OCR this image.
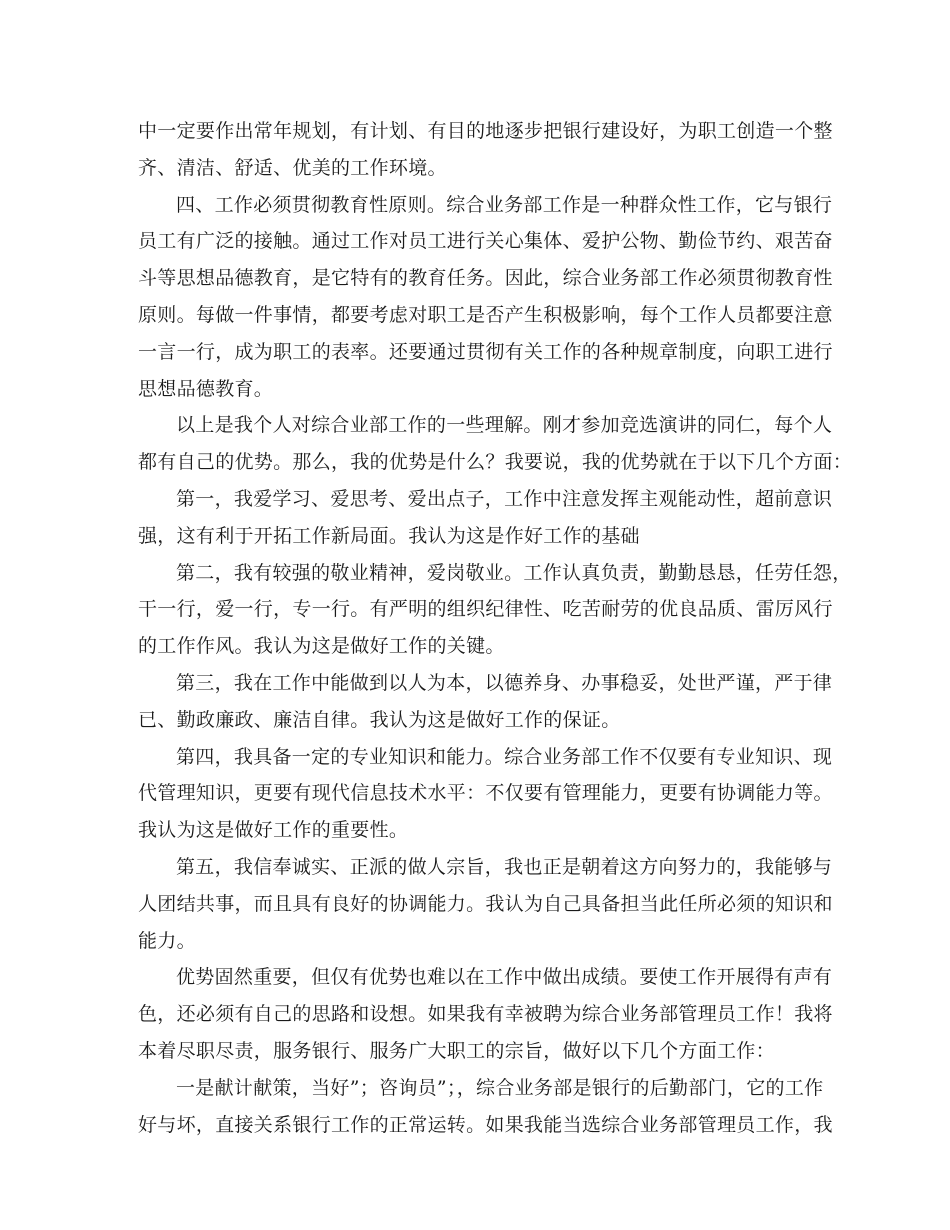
中一定要作出常年规划，有计划、有目的地逐步把银行建设好，为职工创造一个整
齐、清洁、舒适、优美的工作环境。
四、工作必须贯彻教育性原则。综合业务部工作是一种群众性工作，它与银行
员工有广泛的接触。通过工作对员工进行关心集体、爱护公物、勤俭节约、艰苦奋
斗等思想品德教育，是它特有的教育任务。因此，综合业务部工作必须贯彻教育性
原则。每做一件事情，都要考虑对职工是否产生积极影响，每个工作人员都要注意
一言一行，成为职工的表率。还要通过贯彻有关工作的各种规章制度，向职工进行
思想品德教育。
以上是我个人对综合业部工作的一些理解。刚才参加竞选演讲的同仁，每个人
都有自己的优势。那么，我的优势是什么？我要说，我的优势就在于以下几个方面：
第一，我爱学习、爱思考、爱出点子，工作中注意发挥主观能动性，超前意识
强，这有利于开拓工作新局面。我认为这是作好工作的基础
第二，我有较强的敬业精神，爱岗敬业。工作认真负责，勤勤恳恳，任劳任怨，
干一行，爱一行，专一行。有严明的组织纪律性、吃苦耐劳的优良品质、雷厉风行
的工作作风。我认为这是做好工作的关键。
第三，我在工作中能做到以人为本，以德养身、办事稳妥，处世严谨，严于律
已、勤政廉政、廉洁自律。我认为这是做好工作的保证。
第四，我具备一定的专业知识和能力。综合业务部工作不仅要有专业知识、现
代管理知识，更要有现代信息技术水平：不仅要有管理能力，更要有协调能力等。
我认为这是做好工作的重要性。
第五，我信奉诚实、正派的做人宗旨，我也正是朝着这方向努力的，我能够与
人团结共事，而且具有良好的协调能力。我认为自己具备担当此任所必须的知识和
能力。
优势固然重要，但仅有优势也难以在工作中做出成绩。要使工作开展得有声有
色，还必须有自己的思路和设想。如果我有幸被聘为综合业务部管理员工作！我将
本着尽职尽责，服务银行、服务广大职工的宗旨，做好以下几个方面工作：
一是献计献策，当好”；咨询员”；，综合业务部是银行的后勤部门，它的工作
好与坏，直接关系银行工作的正常运转。如果我能当选综合业务部管理员工作，我
